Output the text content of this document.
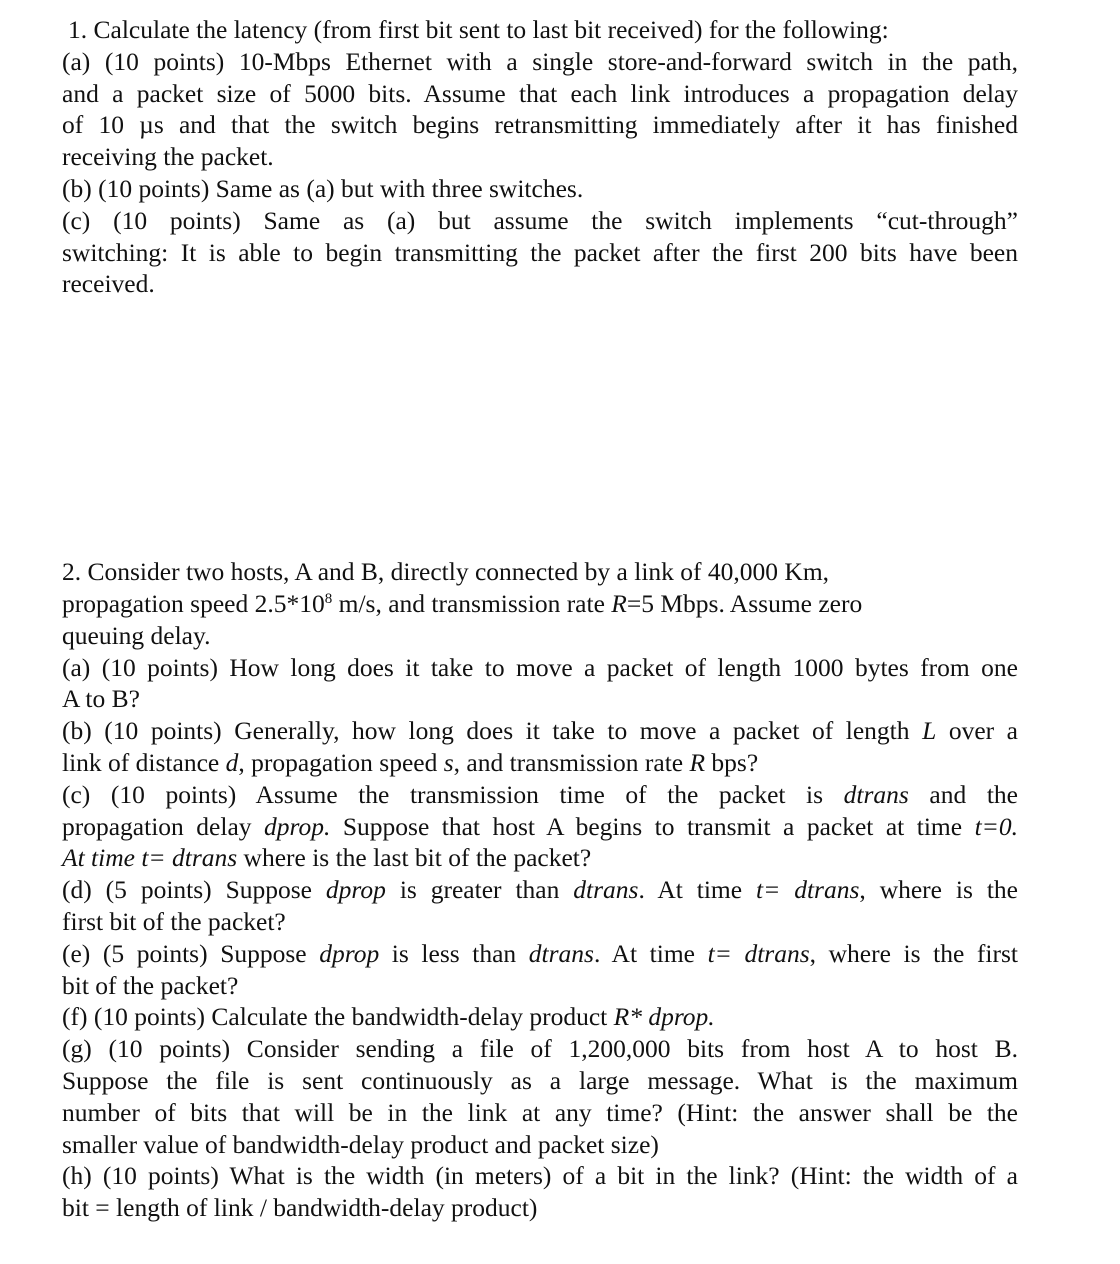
1. Calculate the latency (from first bit sent to last bit received) for the following:
(a) (10 points) 10-Mbps Ethernet with a single store-and-forward switch in the path,
and a packet size of 5000 bits. Assume that each link introduces a propagation delay
of 10 µs and that the switch begins retransmitting immediately after it has finished
receiving the packet.
(b) (10 points) Same as (a) but with three switches.
(c) (10 points) Same as (a) but assume the switch implements “cut-through”
switching: It is able to begin transmitting the packet after the first 200 bits have been
received.
2. Consider two hosts, A and B, directly connected by a link of 40,000 Km,
propagation speed $2.5*10^8$ m/s, and transmission rate R=5 Mbps. Assume zero
queuing delay.
(a) (10 points) How long does it take to move a packet of length 1000 bytes from one
A to B?
(b) (10 points) Generally, how long does it take to move a packet of length L over a
link of distance d, propagation speed s, and transmission rate R bps?
(c) (10 points) Assume the transmission time of the packet is dtrans and the
propagation delay dprop. Suppose that host A begins to transmit a packet at time t=0.
At time t= dtrans where is the last bit of the packet?
(d) (5 points) Suppose dprop is greater than dtrans. At time t= dtrans, where is the
first bit of the packet?
(e) (5 points) Suppose dprop is less than dtrans. At time t= dtrans, where is the first
bit of the packet?
(f) (10 points) Calculate the bandwidth-delay product R* dprop.
(g) (10 points) Consider sending a file of 1,200,000 bits from host A to host B.
Suppose the file is sent continuously as a large message. What is the maximum
number of bits that will be in the link at any time? (Hint: the answer shall be the
smaller value of bandwidth-delay product and packet size)
(h) (10 points) What is the width (in meters) of a bit in the link? (Hint: the width of a
bit = length of link / bandwidth-delay product)
